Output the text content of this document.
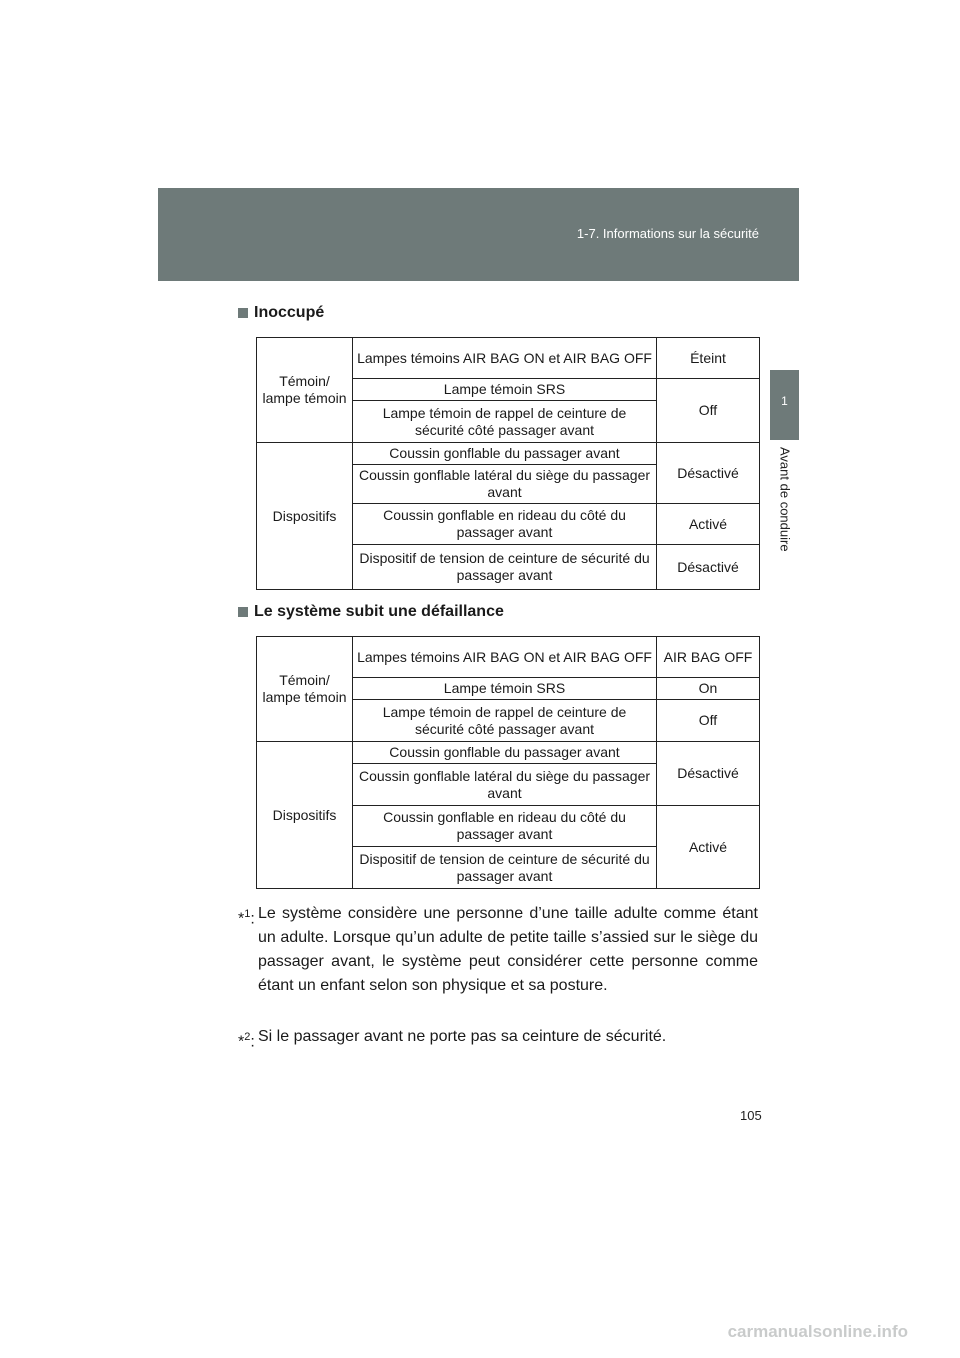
1-7. Informations sur la sécurité
1
Avant de conduire
Inoccupé
Témoin/ lampe témoin	Lampes témoins AIR BAG ON et AIR BAG OFF	Éteint
	Lampe témoin SRS	Off
	Lampe témoin de rappel de ceinture de sécurité côté passager avant	
Dispositifs	Coussin gonflable du passager avant	Désactivé
	Coussin gonflable latéral du siège du passager avant	
	Coussin gonflable en rideau du côté du passager avant	Activé
	Dispositif de tension de ceinture de sécurité du passager avant	Désactivé
Le système subit une défaillance
Témoin/ lampe témoin	Lampes témoins AIR BAG ON et AIR BAG OFF	AIR BAG OFF
	Lampe témoin SRS	On
	Lampe témoin de rappel de ceinture de sécurité côté passager avant	Off
Dispositifs	Coussin gonflable du passager avant	Désactivé
	Coussin gonflable latéral du siège du passager avant	
	Coussin gonflable en rideau du côté du passager avant	Activé
	Dispositif de tension de ceinture de sécurité du passager avant	
*$^1$: Le système considère une personne d’une taille adulte comme étant un adulte. Lorsque qu’un adulte de petite taille s’assied sur le siège du passager avant, le système peut considérer cette personne comme étant un enfant selon son physique et sa posture.
*$^2$: Si le passager avant ne porte pas sa ceinture de sécurité.
105
carmanualsonline.info
